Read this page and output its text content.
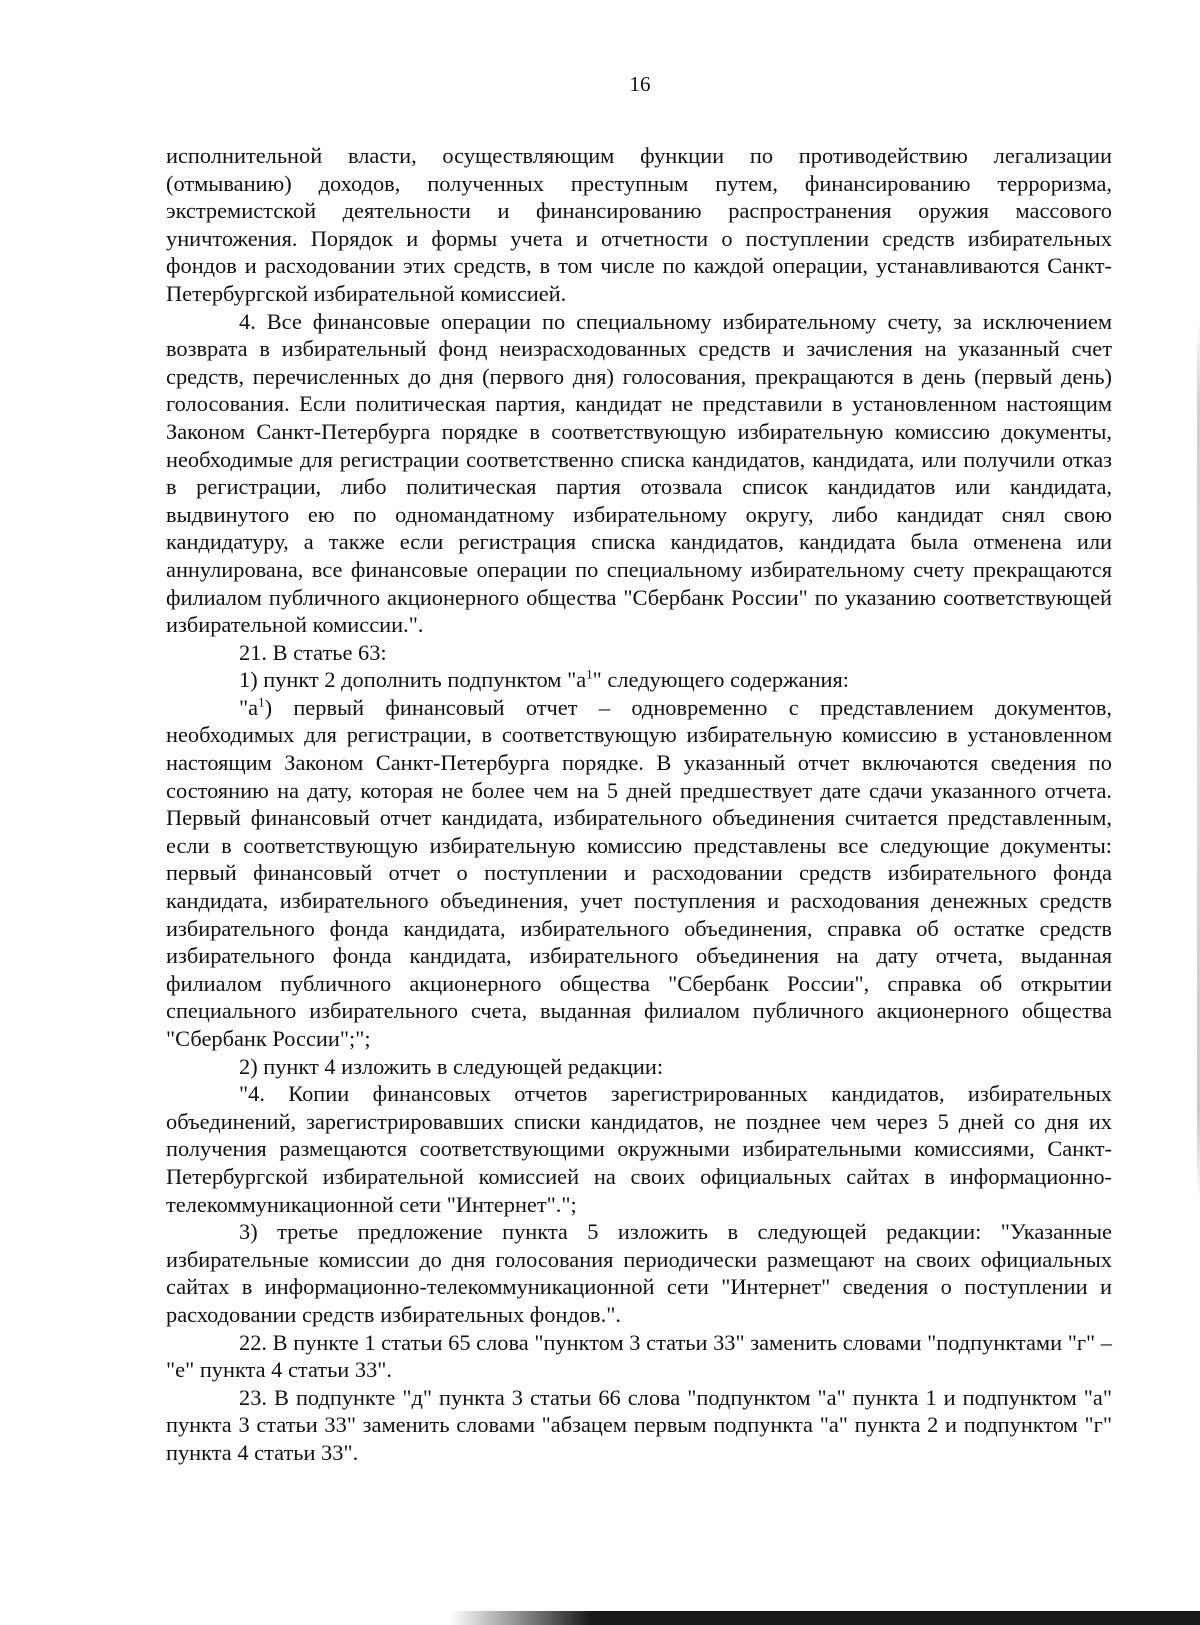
16

исполнительной власти, осуществляющим функции по противодействию легализации (отмыванию) доходов, полученных преступным путем, финансированию терроризма, экстремистской деятельности и финансированию распространения оружия массового уничтожения. Порядок и формы учета и отчетности о поступлении средств избирательных фондов и расходовании этих средств, в том числе по каждой операции, устанавливаются Санкт-Петербургской избирательной комиссией.

4. Все финансовые операции по специальному избирательному счету, за исключением возврата в избирательный фонд неизрасходованных средств и зачисления на указанный счет средств, перечисленных до дня (первого дня) голосования, прекращаются в день (первый день) голосования. Если политическая партия, кандидат не представили в установленном настоящим Законом Санкт-Петербурга порядке в соответствующую избирательную комиссию документы, необходимые для регистрации соответственно списка кандидатов, кандидата, или получили отказ в регистрации, либо политическая партия отозвала список кандидатов или кандидата, выдвинутого ею по одномандатному избирательному округу, либо кандидат снял свою кандидатуру, а также если регистрация списка кандидатов, кандидата была отменена или аннулирована, все финансовые операции по специальному избирательному счету прекращаются филиалом публичного акционерного общества "Сбербанк России" по указанию соответствующей избирательной комиссии.".

21. В статье 63:

1) пункт 2 дополнить подпунктом "$а^1$" следующего содержания:

"$а^1$) первый финансовый отчет – одновременно с представлением документов, необходимых для регистрации, в соответствующую избирательную комиссию в установленном настоящим Законом Санкт-Петербурга порядке. В указанный отчет включаются сведения по состоянию на дату, которая не более чем на 5 дней предшествует дате сдачи указанного отчета. Первый финансовый отчет кандидата, избирательного объединения считается представленным, если в соответствующую избирательную комиссию представлены все следующие документы: первый финансовый отчет о поступлении и расходовании средств избирательного фонда кандидата, избирательного объединения, учет поступления и расходования денежных средств избирательного фонда кандидата, избирательного объединения, справка об остатке средств избирательного фонда кандидата, избирательного объединения на дату отчета, выданная филиалом публичного акционерного общества "Сбербанк России", справка об открытии специального избирательного счета, выданная филиалом публичного акционерного общества "Сбербанк России";";

2) пункт 4 изложить в следующей редакции:

"4. Копии финансовых отчетов зарегистрированных кандидатов, избирательных объединений, зарегистрировавших списки кандидатов, не позднее чем через 5 дней со дня их получения размещаются соответствующими окружными избирательными комиссиями, Санкт-Петербургской избирательной комиссией на своих официальных сайтах в информационно-телекоммуникационной сети "Интернет".";

3) третье предложение пункта 5 изложить в следующей редакции: "Указанные избирательные комиссии до дня голосования периодически размещают на своих официальных сайтах в информационно-телекоммуникационной сети "Интернет" сведения о поступлении и расходовании средств избирательных фондов.".

22. В пункте 1 статьи 65 слова "пунктом 3 статьи 33" заменить словами "подпунктами "г" – "е" пункта 4 статьи 33".

23. В подпункте "д" пункта 3 статьи 66 слова "подпунктом "а" пункта 1 и подпунктом "а" пункта 3 статьи 33" заменить словами "абзацем первым подпункта "а" пункта 2 и подпунктом "г" пункта 4 статьи 33".
